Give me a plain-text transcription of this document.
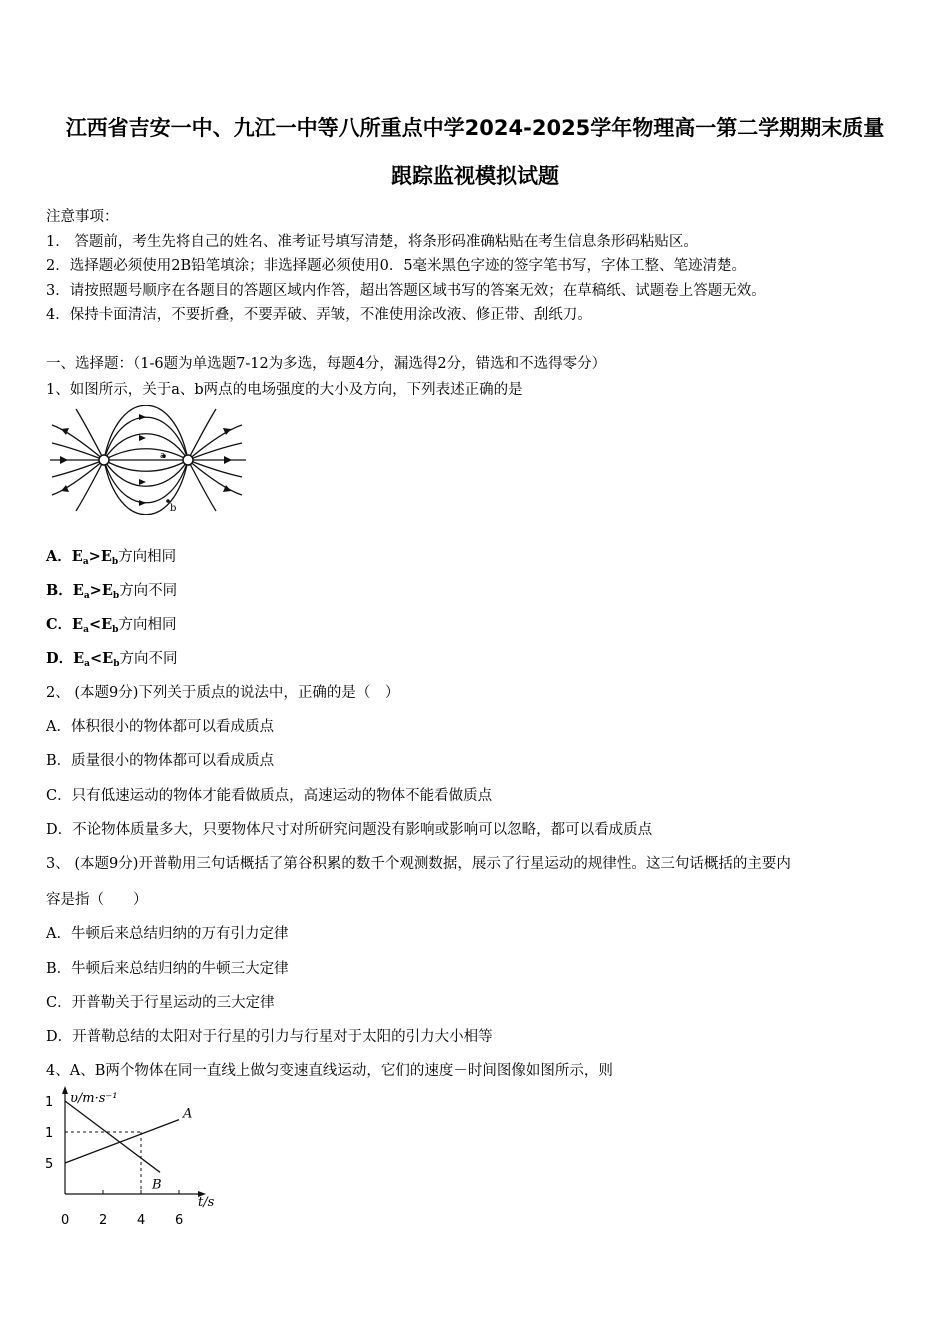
江西省吉安一中、九江一中等八所重点中学2024-2025学年物理高一第二学期期末质量
跟踪监视模拟试题
注意事项：
1． 答题前，考生先将自己的姓名、准考证号填写清楚，将条形码准确粘贴在考生信息条形码粘贴区。
2．选择题必须使用2B铅笔填涂；非选择题必须使用0．5毫米黑色字迹的签字笔书写，字体工整、笔迹清楚。
3．请按照题号顺序在各题目的答题区域内作答，超出答题区域书写的答案无效；在草稿纸、试题卷上答题无效。
4．保持卡面清洁，不要折叠，不要弄破、弄皱，不准使用涂改液、修正带、刮纸刀。
一、选择题：（1-6题为单选题7-12为多选，每题4分，漏选得2分，错选和不选得零分）
1、如图所示，关于a、b两点的电场强度的大小及方向，下列表述正确的是
a
b
A．$E_a>E_b$方向相同
B．$E_a>E_b$方向不同
C．$E_a<E_b$方向相同
D．$E_a<E_b$方向不同
2、 (本题9分)下列关于质点的说法中，正确的是（　）
A．体积很小的物体都可以看成质点
B．质量很小的物体都可以看成质点
C．只有低速运动的物体才能看做质点，高速运动的物体不能看做质点
D．不论物体质量多大，只要物体尺寸对所研究问题没有影响或影响可以忽略，都可以看成质点
3、 (本题9分)开普勒用三句话概括了第谷积累的数千个观测数据，展示了行星运动的规律性。这三句话概括的主要内
容是指（　　）
A．牛顿后来总结归纳的万有引力定律
B．牛顿后来总结归纳的牛顿三大定律
C．开普勒关于行星运动的三大定律
D．开普勒总结的太阳对于行星的引力与行星对于太阳的引力大小相等
4、A、B两个物体在同一直线上做匀变速直线运动，它们的速度－时间图像如图所示，则
0 2 4 6
1
1
5
A
B
υ/m·s⁻¹
t/s
